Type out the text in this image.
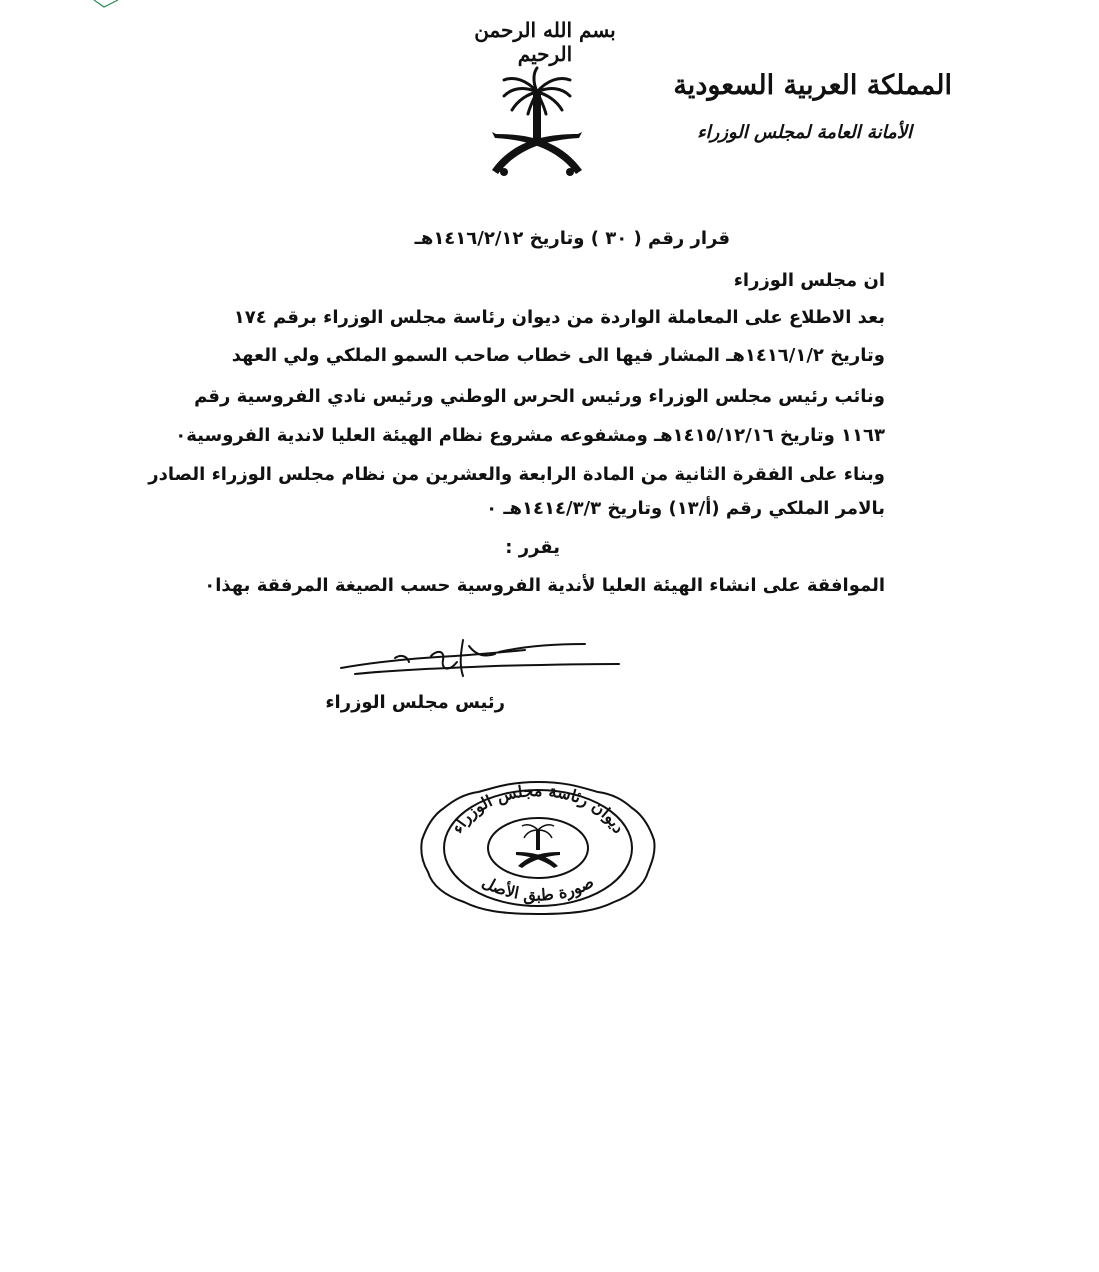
بسم الله الرحمن الرحيم
المملكة العربية السعودية
الأمانة العامة لمجلس الوزراء
قرار رقم ( ٣٠ ) وتاريخ ١٤١٦/٢/١٢هـ
ان مجلس الوزراء
بعد الاطلاع على المعاملة الواردة من ديوان رئاسة مجلس الوزراء برقم ١٧٤
وتاريخ ١٤١٦/١/٢هـ المشار فيها الى خطاب صاحب السمو الملكي ولي العهد
ونائب رئيس مجلس الوزراء ورئيس الحرس الوطني ورئيس نادي الفروسية رقم
١١٦٣ وتاريخ ١٤١٥/١٢/١٦هـ ومشفوعه مشروع نظام الهيئة العليا لاندية الفروسية٠
وبناء على الفقرة الثانية من المادة الرابعة والعشرين من نظام مجلس الوزراء الصادر
بالامر الملكي رقم (أ/١٣) وتاريخ ١٤١٤/٣/٣هـ ٠
يقرر :
الموافقة على انشاء الهيئة العليا لأندية الفروسية حسب الصيغة المرفقة بهذا٠
رئيس مجلس الوزراء
ديوان رئاسة مجلس الوزراء
صورة طبق الأصل
